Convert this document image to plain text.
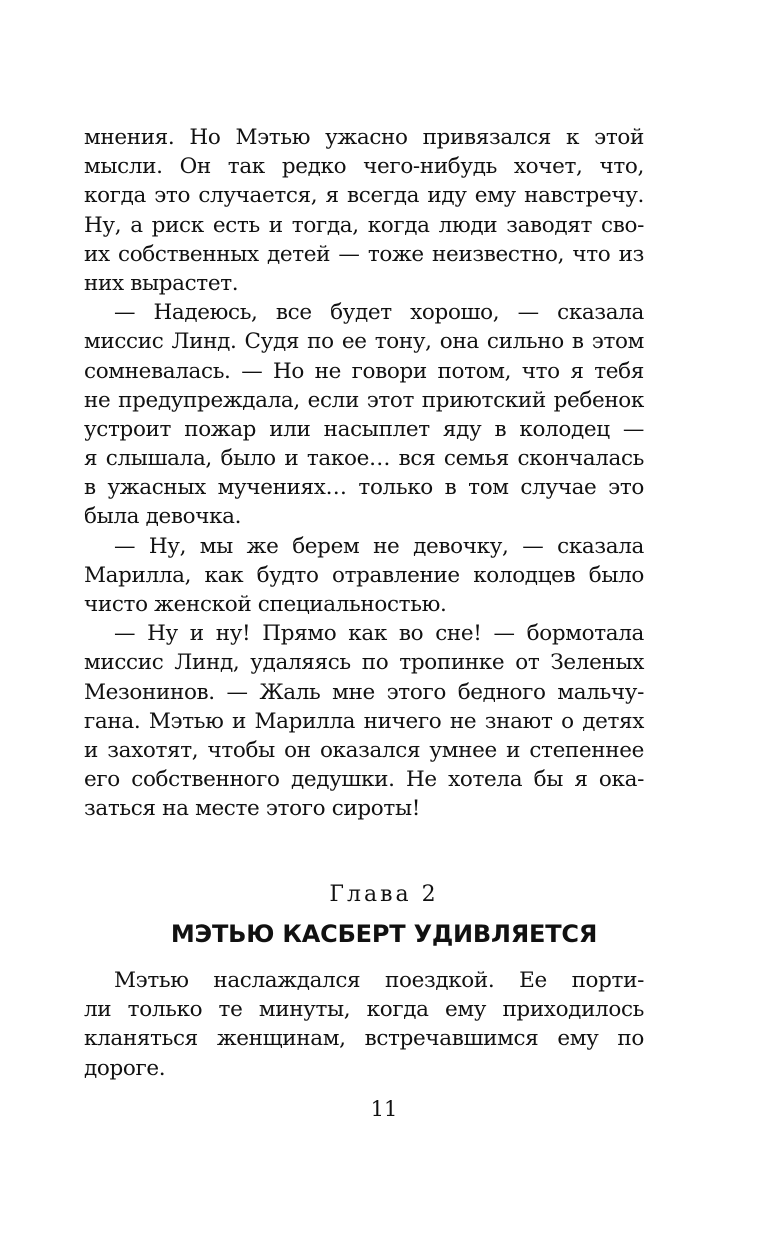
мнения. Но Мэтью ужасно привязался к этой
мысли. Он так редко чего-нибудь хочет, что,
когда это случается, я всегда иду ему навстречу.
Ну, а риск есть и тогда, когда люди заводят сво-
их собственных детей — тоже неизвестно, что из
них вырастет.
— Надеюсь, все будет хорошо, — сказала
миссис Линд. Судя по ее тону, она сильно в этом
сомневалась. — Но не говори потом, что я тебя
не предупреждала, если этот приютский ребенок
устроит пожар или насыплет яду в колодец —
я слышала, было и такое… вся семья скончалась
в ужасных мучениях… только в том случае это
была девочка.
— Ну, мы же берем не девочку, — сказала
Марилла, как будто отравление колодцев было
чисто женской специальностью.
— Ну и ну! Прямо как во сне! — бормотала
миссис Линд, удаляясь по тропинке от Зеленых
Мезонинов. — Жаль мне этого бедного мальчу-
гана. Мэтью и Марилла ничего не знают о детях
и захотят, чтобы он оказался умнее и степеннее
его собственного дедушки. Не хотела бы я ока-
заться на месте этого сироты!
Глава 2
МЭТЬЮ КАСБЕРТ УДИВЛЯЕТСЯ
Мэтью наслаждался поездкой. Ее порти-
ли только те минуты, когда ему приходилось
кланяться женщинам, встречавшимся ему по
дороге.
11
